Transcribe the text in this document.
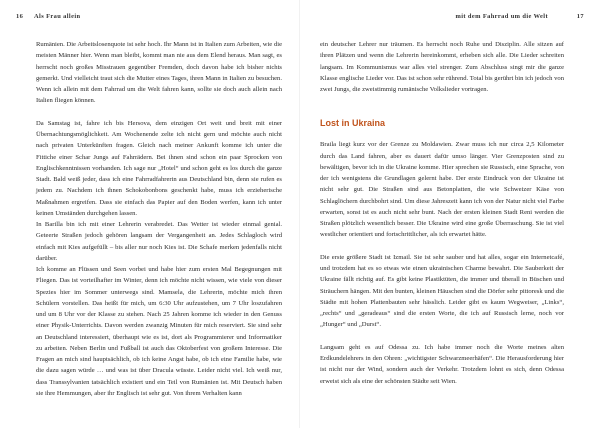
16 Als Frau allein

Rumänien. Die Arbeitslosenquote ist sehr hoch. Ihr Mann ist in Italien zum Arbeiten, wie die meisten Männer hier. Wenn man bleibt, kommt man nie aus dem Elend heraus. Man sagt, es herrscht noch großes Misstrauen gegenüber Fremden, doch davon habe ich bisher nichts gemerkt. Und vielleicht traut sich die Mutter eines Tages, ihren Mann in Italien zu besuchen. Wenn ich allein mit dem Fahrrad um die Welt fahren kann, sollte sie doch auch allein nach Italien fliegen können.

Da Samstag ist, fahre ich bis Hersova, dem einzigen Ort weit und breit mit einer Übernachtungsmöglichkeit. Am Wochenende zelte ich nicht gern und möchte auch nicht nach privaten Unterkünften fragen. Gleich nach meiner Ankunft komme ich unter die Fittiche einer Schar Jungs auf Fahrrädern. Bei ihnen sind schon ein paar Sprocken von Englischkenntnissen vorhanden. Ich sage nur „Hotel“ und schon geht es los durch die ganze Stadt. Bald weiß jeder, dass ich eine Fahrradfahrerin aus Deutschland bin, denn sie rufen es jedem zu. Nachdem ich ihnen Schokobonbons geschenkt habe, muss ich erzieherische Maßnahmen ergreifen. Dass sie einfach das Papier auf den Boden werfen, kann ich unter keinen Umständen durchgehen lassen.

In Barilla bin ich mit einer Lehrerin verabredet. Das Wetter ist wieder einmal genial. Geteerte Straßen jedoch gehören langsam der Vergangenheit an. Jedes Schlagloch wird einfach mit Kies aufgefüllt – bis aller nur noch Kies ist. Die Schafe merken jedenfalls nicht darüber.

Ich komme an Flüssen und Seen vorbei und habe hier zum ersten Mal Begegnungen mit Fliegen. Das ist vorteilhafter im Winter, denn ich möchte nicht wissen, wie viele von dieser Spezies hier im Sommer unterwegs sind. Mamsela, die Lehrerin, möchte mich ihren Schülern vorstellen. Das heißt für mich, um 6:30 Uhr aufzustehen, um 7 Uhr loszufahren und um 8 Uhr vor der Klasse zu stehen. Nach 25 Jahren komme ich wieder in den Genuss einer Physik-Unterrichts. Davon werden zwanzig Minuten für mich reserviert. Sie sind sehr an Deutschland interessiert, überhaupt wie es ist, dort als Programmierer und Informatiker zu arbeiten. Neben Berlin und Fußball ist auch das Oktoberfest von großem Interesse. Die Fragen an mich sind hauptsächlich, ob ich keine Angst habe, ob ich eine Familie habe, wie die dazu sagen würde … und was ist über Dracula wüsste. Leider nicht viel. Ich weiß nur, dass Transsylvanien tatsächlich existiert und ein Teil von Rumänien ist. Mit Deutsch haben sie ihre Hemmungen, aber ihr Englisch ist sehr gut. Von ihrem Verhalten kann

mit dem Fahrrad um die Welt	17

ein deutscher Lehrer nur träumen. Es herrscht noch Ruhe und Disziplin. Alle sitzen auf ihren Plätzen und wenn die Lehrerin hereinkommt, erheben sich alle. Die Lieder schreiten langsam. Im Kommunismus war alles viel strenger. Zum Abschluss singt mir die ganze Klasse englische Lieder vor. Das ist schon sehr rührend. Total bis gerührt bin ich jedoch von zwei Jungs, die zweistimmig rumänische Volkslieder vortragen.

Lost in Ukraina

Braila liegt kurz vor der Grenze zu Moldawien. Zwar muss ich nur circa 2,5 Kilometer durch das Land fahren, aber es dauert dafür umso länger. Vier Grenzposten sind zu bewältigen, bevor ich in die Ukraine komme. Hier sprechen sie Russisch, eine Sprache, von der ich wenigstens die Grundlagen gelernt habe. Der erste Eindruck von der Ukraine ist nicht sehr gut. Die Straßen sind aus Betonplatten, die wie Schweizer Käse von Schlaglöchern durchbohrt sind. Um diese Jahreszeit kann ich von der Natur nicht viel Farbe erwarten, sonst ist es auch nicht sehr bunt. Nach der ersten kleinen Stadt Reni werden die Straßen plötzlich wesentlich besser. Die Ukraine wird eine große Überraschung. Sie ist viel westlicher orientiert und fortschrittlicher, als ich erwartet hätte.

Die erste größere Stadt ist Izmail. Sie ist sehr sauber und hat alles, sogar ein Internetcafé, und trotzdem hat es so etwas wie einen ukrainischen Charme bewahrt. Die Sauberkeit der Ukraine fällt richtig auf. Es gibt keine Plastiktüten, die immer und überall in Büschen und Sträuchern hängen. Mit den bunten, kleinen Häuschen sind die Dörfer sehr pittoresk und die Städte mit hohen Plattenbauten sehr hässlich. Leider gibt es kaum Wegweiser, „Links“, „rechts“ und „geradeaus“ sind die ersten Worte, die ich auf Russisch lerne, noch vor „Hunger“ und „Durst“.

Langsam geht es auf Odessa zu. Ich habe immer noch die Worte meines alten Erdkundelehrers in den Ohren: „wichtigster Schwarzmeerhäfen“. Die Herausforderung hier ist nicht nur der Wind, sondern auch der Verkehr. Trotzdem lohnt es sich, denn Odessa erweist sich als eine der schönsten Städte seit Wien.
